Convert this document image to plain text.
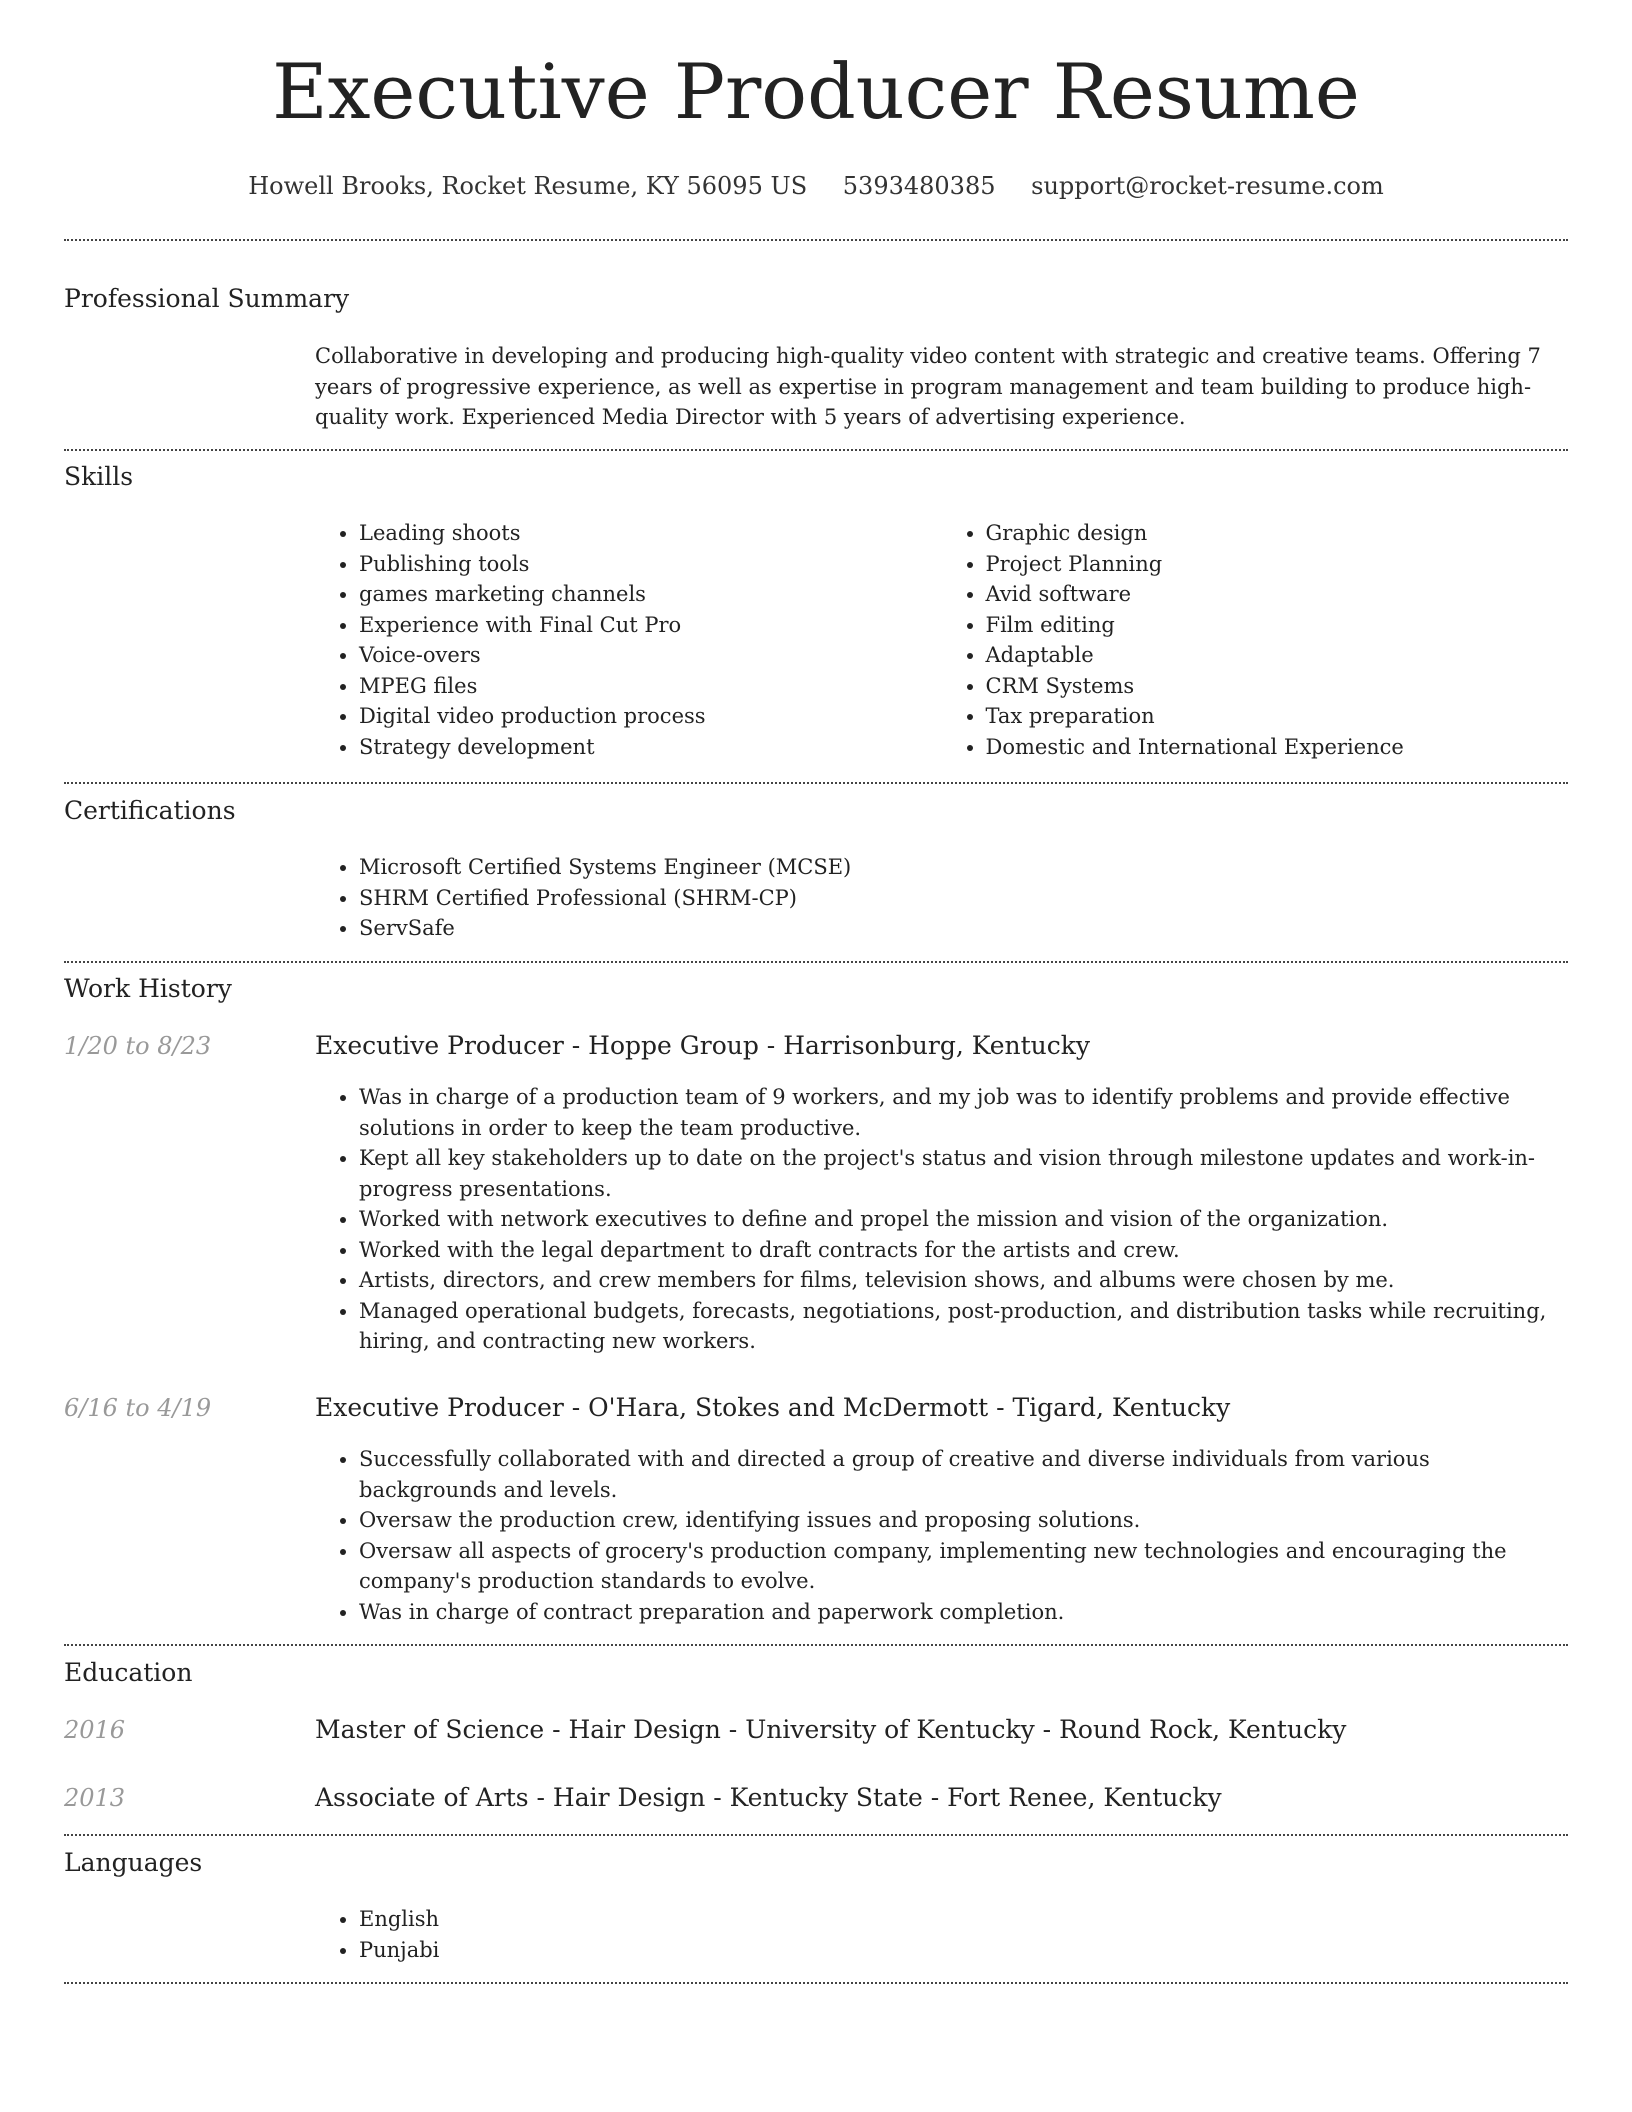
Executive Producer Resume
Howell Brooks, Rocket Resume, KY 56095 US 5393480385 support@rocket-resume.com
Professional Summary

Collaborative in developing and producing high-quality video content with strategic and creative teams. Offering 7 years of progressive experience, as well as expertise in program management and team building to produce high-quality work. Experienced Media Director with 5 years of advertising experience.

Skills
• Leading shoots
• Publishing tools
• games marketing channels
• Experience with Final Cut Pro
• Voice-overs
• MPEG files
• Digital video production process
• Strategy development
• Graphic design
• Project Planning
• Avid software
• Film editing
• Adaptable
• CRM Systems
• Tax preparation
• Domestic and International Experience
Certifications
• Microsoft Certified Systems Engineer (MCSE)
• SHRM Certified Professional (SHRM-CP)
• ServSafe
Work History
1/20 to 8/23	Executive Producer - Hoppe Group - Harrisonburg, Kentucky
• Was in charge of a production team of 9 workers, and my job was to identify problems and provide effective solutions in order to keep the team productive.
• Kept all key stakeholders up to date on the project's status and vision through milestone updates and work-in-progress presentations.
• Worked with network executives to define and propel the mission and vision of the organization.
• Worked with the legal department to draft contracts for the artists and crew.
• Artists, directors, and crew members for films, television shows, and albums were chosen by me.
• Managed operational budgets, forecasts, negotiations, post-production, and distribution tasks while recruiting, hiring, and contracting new workers.
6/16 to 4/19	Executive Producer - O'Hara, Stokes and McDermott - Tigard, Kentucky
• Successfully collaborated with and directed a group of creative and diverse individuals from various backgrounds and levels.
• Oversaw the production crew, identifying issues and proposing solutions.
• Oversaw all aspects of grocery's production company, implementing new technologies and encouraging the company's production standards to evolve.
• Was in charge of contract preparation and paperwork completion.
Education
2016	Master of Science - Hair Design - University of Kentucky - Round Rock, Kentucky
2013	Associate of Arts - Hair Design - Kentucky State - Fort Renee, Kentucky
Languages
• English
• Punjabi
